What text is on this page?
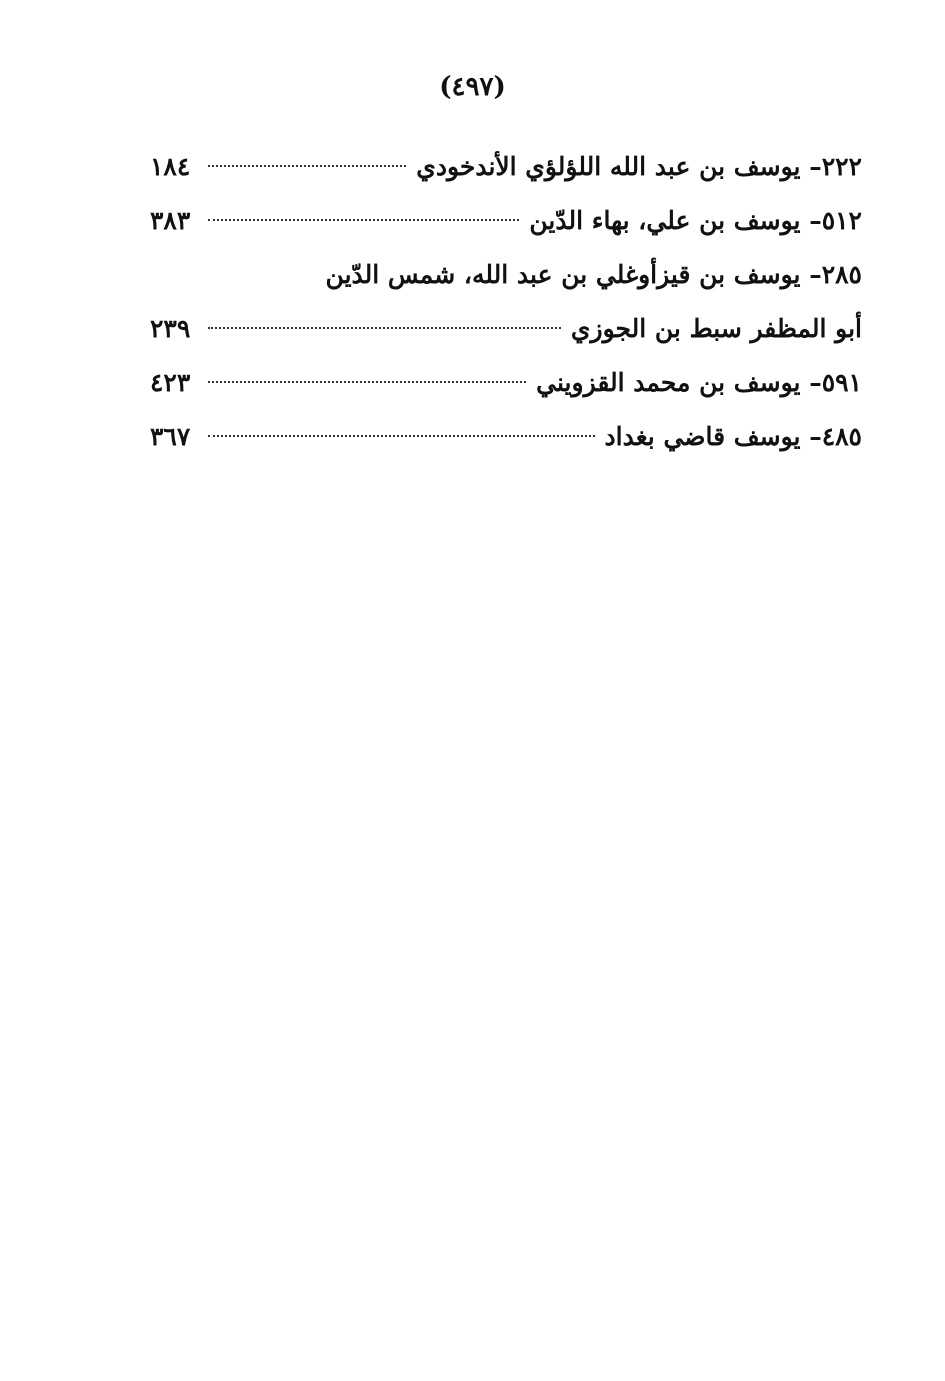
(٤٩٧)
٢٢٢– يوسف بن عبد الله اللؤلؤي الأندخودي
١٨٤
٥١٢– يوسف بن علي، بهاء الدّين
٣٨٣
٢٨٥– يوسف بن قيزأوغلي بن عبد الله، شمس الدّين
أبو المظفر سبط بن الجوزي
٢٣٩
٥٩١– يوسف بن محمد القزويني
٤٢٣
٤٨٥– يوسف قاضي بغداد
٣٦٧
